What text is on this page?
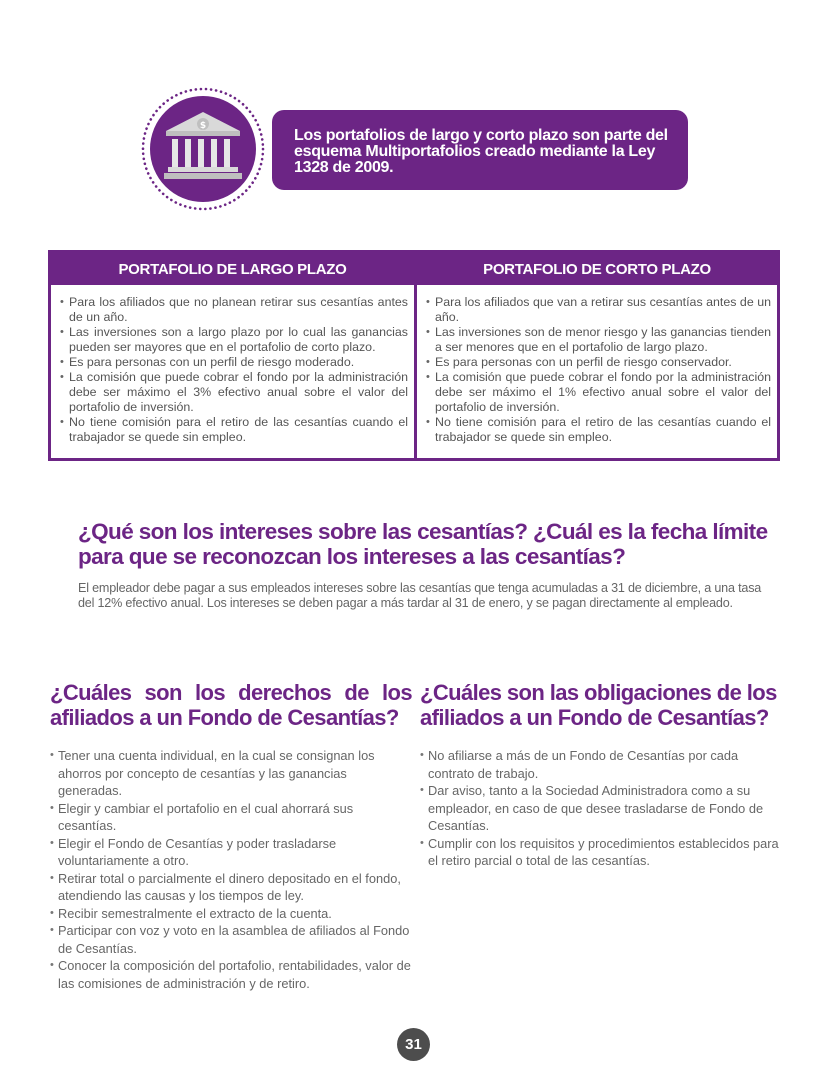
$
Los portafolios de largo y corto plazo son parte del esquema Multiportafolios creado mediante la Ley 1328 de 2009.
PORTAFOLIO DE LARGO PLAZO
• Para los afiliados que no planean retirar sus cesantías antes de un año.
• Las inversiones son a largo plazo por lo cual las ganancias pueden ser mayores que en el portafolio de corto plazo.
• Es para personas con un perfil de riesgo moderado.
• La comisión que puede cobrar el fondo por la administración debe ser máximo el 3% efectivo anual sobre el valor del portafolio de inversión.
• No tiene comisión para el retiro de las cesantías cuando el trabajador se quede sin empleo.
PORTAFOLIO DE CORTO PLAZO
• Para los afiliados que van a retirar sus cesantías antes de un año.
• Las inversiones son de menor riesgo y las ganancias tienden a ser menores que en el portafolio de largo plazo.
• Es para personas con un perfil de riesgo conservador.
• La comisión que puede cobrar el fondo por la administración debe ser máximo el 1% efectivo anual sobre el valor del portafolio de inversión.
• No tiene comisión para el retiro de las cesantías cuando el trabajador se quede sin empleo.
¿Qué son los intereses sobre las cesantías? ¿Cuál es la fecha límite para que se reconozcan los intereses a las cesantías?

El empleador debe pagar a sus empleados intereses sobre las cesantías que tenga acumuladas a 31 de diciembre, a una tasa del 12% efectivo anual. Los intereses se deben pagar a más tardar al 31 de enero, y se pagan directamente al empleado.

¿Cuáles son los derechos de los afiliados a un Fondo de Cesantías?
• Tener una cuenta individual, en la cual se consignan los ahorros por concepto de cesantías y las ganancias generadas.
• Elegir y cambiar el portafolio en el cual ahorrará sus cesantías.
• Elegir el Fondo de Cesantías y poder trasladarse voluntariamente a otro.
• Retirar total o parcialmente el dinero depositado en el fondo, atendiendo las causas y los tiempos de ley.
• Recibir semestralmente el extracto de la cuenta.
• Participar con voz y voto en la asamblea de afiliados al Fondo de Cesantías.
• Conocer la composición del portafolio, rentabilidades, valor de las comisiones de administración y de retiro.
¿Cuáles son las obligaciones de los afiliados a un Fondo de Cesantías?
• No afiliarse a más de un Fondo de Cesantías por cada contrato de trabajo.
• Dar aviso, tanto a la Sociedad Administradora como a su empleador, en caso de que desee trasladarse de Fondo de Cesantías.
• Cumplir con los requisitos y procedimientos establecidos para el retiro parcial o total de las cesantías.
31
